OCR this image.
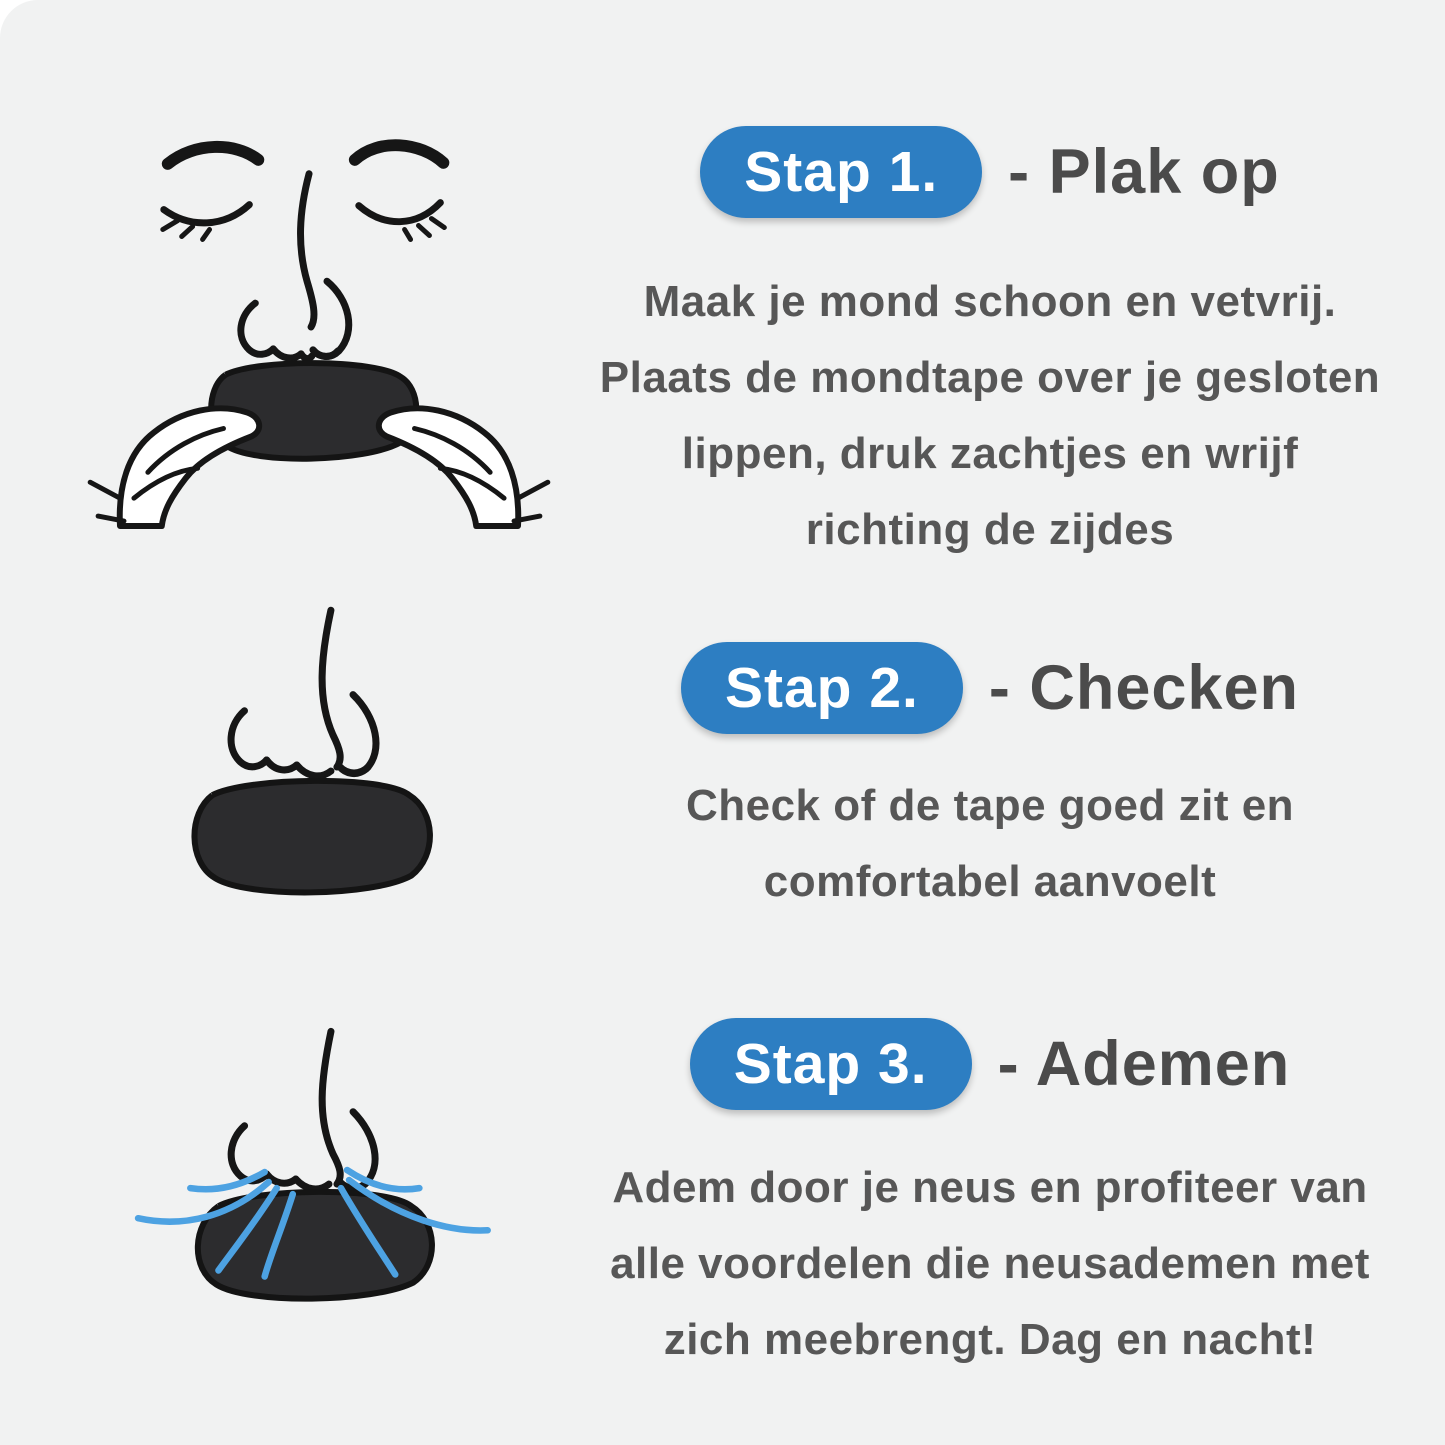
Stap 1.	- Plak op
Maak je mond schoon en vetvrij.
Plaats de mondtape over je gesloten
lippen, druk zachtjes en wrijf
richting de zijdes
Stap 2.	- Checken
Check of de tape goed zit en
comfortabel aanvoelt
Stap 3.	- Ademen
Adem door je neus en profiteer van
alle voordelen die neusademen met
zich meebrengt. Dag en nacht!
